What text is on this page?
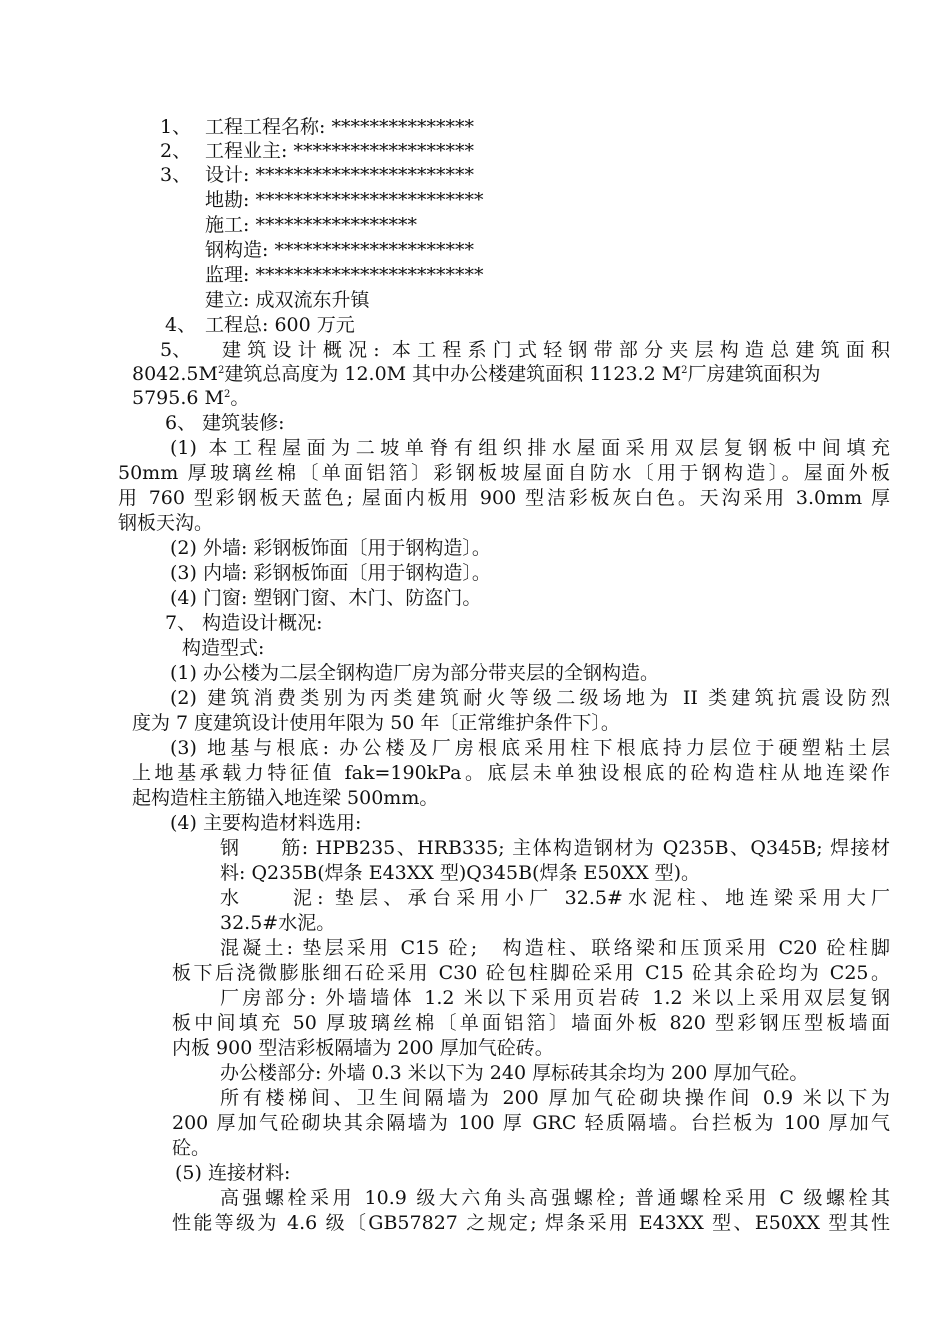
1、 工程工程名称: ***************
2、 工程业主: *******************
3、 设计: ***********************
地勘: ************************
施工: *****************
钢构造: *********************
监理: ************************
建立: 成双流东升镇
4、 工程总: 600 万元
5、 建筑设计概况: 本工程系门式轻钢带部分夹层构造总建筑面积
$8042.5M^2$建筑总高度为 12.0M 其中办公楼建筑面积 1123.2 $M^2$厂房建筑面积为
5795.6 $M^2$。
6、 建筑装修:
(1) 本工程屋面为二坡单脊有组织排水屋面采用双层复钢板中间填充
50mm 厚玻璃丝棉〔单面铝箔〕彩钢板坡屋面自防水〔用于钢构造〕。屋面外板
用 760 型彩钢板天蓝色; 屋面内板用 900 型洁彩板灰白色。天沟采用 3.0mm 厚
钢板天沟。
(2) 外墙: 彩钢板饰面〔用于钢构造〕。
(3) 内墙: 彩钢板饰面〔用于钢构造〕。
(4) 门窗: 塑钢门窗、木门、防盗门。
7、 构造设计概况:
构造型式:
(1) 办公楼为二层全钢构造厂房为部分带夹层的全钢构造。
(2) 建筑消费类别为丙类建筑耐火等级二级场地为 II 类建筑抗震设防烈
度为 7 度建筑设计使用年限为 50 年〔正常维护条件下〕。
(3) 地基与根底: 办公楼及厂房根底采用柱下根底持力层位于硬塑粘土层
上地基承载力特征值 fak=190kPa。底层未单独设根底的砼构造柱从地连梁作
起构造柱主筋锚入地连梁 500mm。
(4) 主要构造材料选用:
钢　　筋: HPB235、HRB335; 主体构造钢材为 Q235B、Q345B; 焊接材
料: Q235B(焊条 E43XX 型)Q345B(焊条 E50XX 型)。
水　　泥: 垫层、承台采用小厂 32.5#水泥柱、地连梁采用大厂
32.5#水泥。
混凝土: 垫层采用 C15 砼;　构造柱、联络梁和压顶采用 C20 砼柱脚
板下后浇微膨胀细石砼采用 C30 砼包柱脚砼采用 C15 砼其余砼均为 C25。
厂房部分: 外墙墙体 1.2 米以下采用页岩砖 1.2 米以上采用双层复钢
板中间填充 50 厚玻璃丝棉〔单面铝箔〕墙面外板 820 型彩钢压型板墙面
内板 900 型洁彩板隔墙为 200 厚加气砼砖。
办公楼部分: 外墙 0.3 米以下为 240 厚标砖其余均为 200 厚加气砼。
所有楼梯间、卫生间隔墙为 200 厚加气砼砌块操作间 0.9 米以下为
200 厚加气砼砌块其余隔墙为 100 厚 GRC 轻质隔墙。台拦板为 100 厚加气
砼。
(5) 连接材料:
高强螺栓采用 10.9 级大六角头高强螺栓; 普通螺栓采用 C 级螺栓其
性能等级为 4.6 级〔GB57827 之规定; 焊条采用 E43XX 型、E50XX 型其性
